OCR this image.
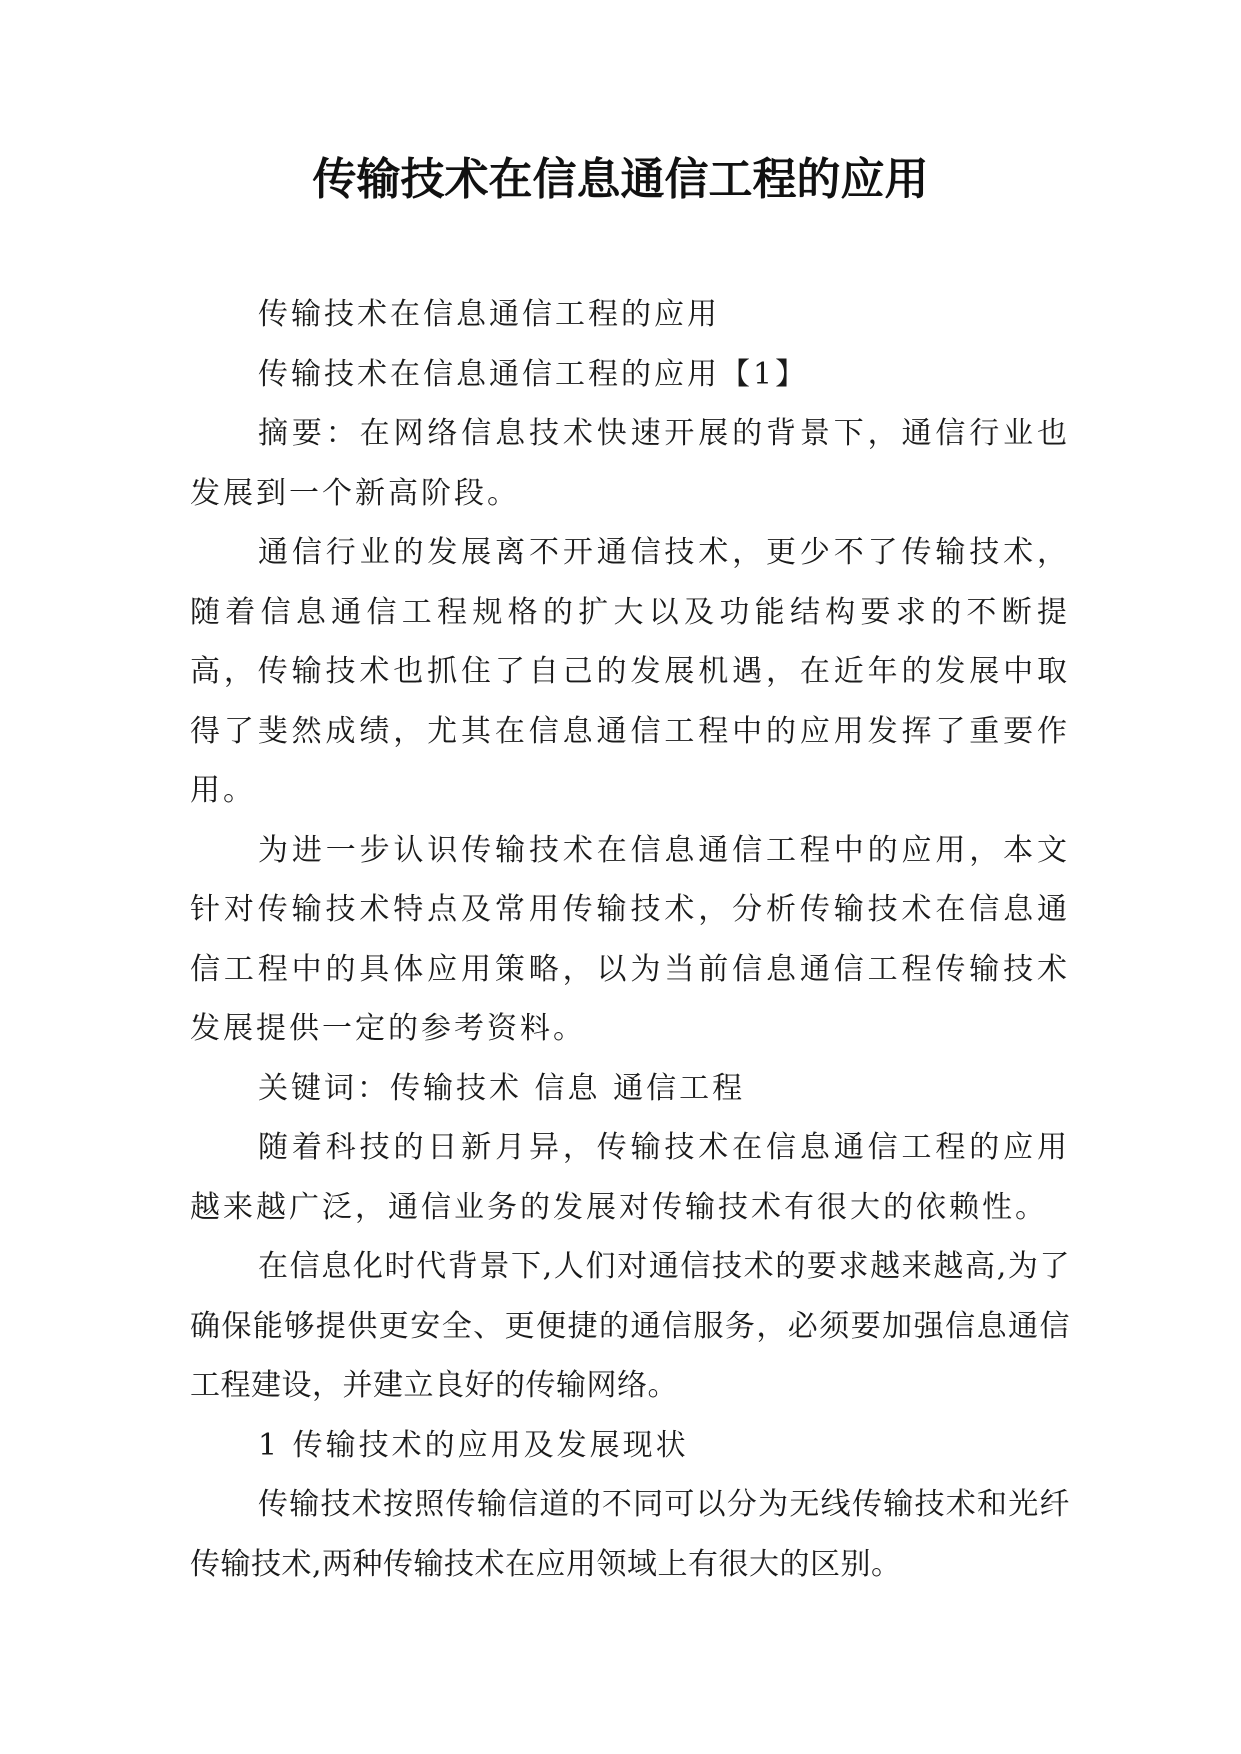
传输技术在信息通信工程的应用

传输技术在信息通信工程的应用

传输技术在信息通信工程的应用【1】

摘要：在网络信息技术快速开展的背景下，通信行业也发展到一个新高阶段。

通信行业的发展离不开通信技术，更少不了传输技术，随着信息通信工程规格的扩大以及功能结构要求的不断提高，传输技术也抓住了自己的发展机遇，在近年的发展中取得了斐然成绩，尤其在信息通信工程中的应用发挥了重要作用。

为进一步认识传输技术在信息通信工程中的应用，本文针对传输技术特点及常用传输技术，分析传输技术在信息通信工程中的具体应用策略，以为当前信息通信工程传输技术发展提供一定的参考资料。

关键词：传输技术 信息 通信工程

随着科技的日新月异，传输技术在信息通信工程的应用越来越广泛，通信业务的发展对传输技术有很大的依赖性。

在信息化时代背景下,人们对通信技术的要求越来越高,为了确保能够提供更安全、更便捷的通信服务，必须要加强信息通信工程建设，并建立良好的传输网络。

1 传输技术的应用及发展现状

传输技术按照传输信道的不同可以分为无线传输技术和光纤传输技术,两种传输技术在应用领域上有很大的区别。
